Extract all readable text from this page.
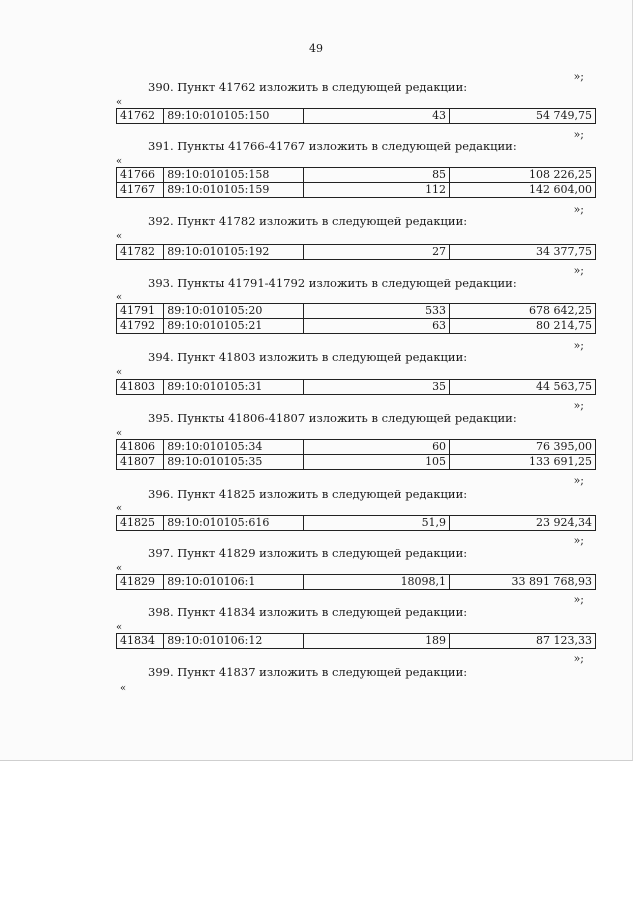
49
»;
390. Пункт 41762 изложить в следующей редакции:
«
41762	89:10:010105:150	43	54 749,75
»;
391. Пункты 41766-41767 изложить в следующей редакции:
«
41766	89:10:010105:158	85	108 226,25
41767	89:10:010105:159	112	142 604,00
»;
392. Пункт 41782 изложить в следующей редакции:
«
41782	89:10:010105:192	27	34 377,75
»;
393. Пункты 41791-41792 изложить в следующей редакции:
«
41791	89:10:010105:20	533	678 642,25
41792	89:10:010105:21	63	80 214,75
»;
394. Пункт 41803 изложить в следующей редакции:
«
41803	89:10:010105:31	35	44 563,75
»;
395. Пункты 41806-41807 изложить в следующей редакции:
«
41806	89:10:010105:34	60	76 395,00
41807	89:10:010105:35	105	133 691,25
»;
396. Пункт 41825 изложить в следующей редакции:
«
41825	89:10:010105:616	51,9	23 924,34
»;
397. Пункт 41829 изложить в следующей редакции:
«
41829	89:10:010106:1	18098,1	33 891 768,93
»;
398. Пункт 41834 изложить в следующей редакции:
«
41834	89:10:010106:12	189	87 123,33
»;
399. Пункт 41837 изложить в следующей редакции:
«
